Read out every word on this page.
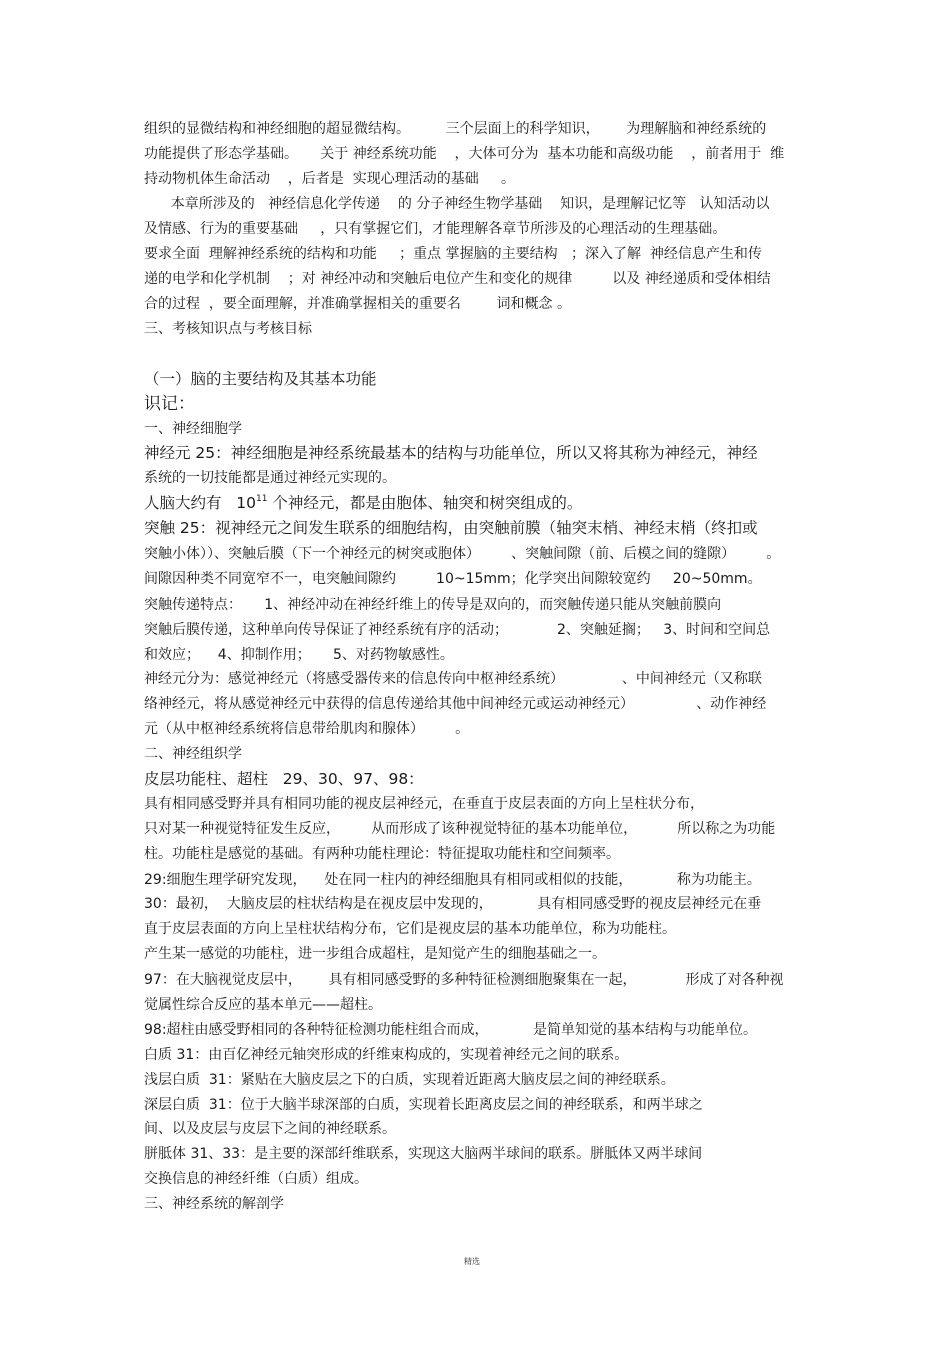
组织的显微结构和神经细胞的超显微结构。        三个层面上的科学知识，      为理解脑和神经系统的
功能提供了形态学基础。     关于 神经系统功能    ，大体可分为  基本功能和高级功能    ，前者用于  维
持动物机体生命活动    ，后者是  实现心理活动的基础     。
本章所涉及的   神经信息化学传递    的 分子神经生物学基础    知识，是理解记忆等   认知活动以
及情感、行为的重要基础     ，只有掌握它们，才能理解各章节所涉及的心理活动的生理基础。
要求全面  理解神经系统的结构和功能     ；重点 掌握脑的主要结构   ；深入了解  神经信息产生和传
递的电学和化学机制    ；对 神经冲动和突触后电位产生和变化的规律         以及 神经递质和受体相结
合的过程  ，要全面理解，并准确掌握相关的重要名        词和概念 。
三、考核知识点与考核目标
（一）脑的主要结构及其基本功能
识记：
一、神经细胞学
神经元 25：神经细胞是神经系统最基本的结构与功能单位，所以又将其称为神经元，神经
系统的一切技能都是通过神经元实现的。
人脑大约有   $10^{11}$ 个神经元，都是由胞体、轴突和树突组成的。
突触 25：视神经元之间发生联系的细胞结构，由突触前膜（轴突末梢、神经末梢（终扣或
突触小体））、突触后膜（下一个神经元的树突或胞体）       、突触间隙（前、后模之间的缝隙）       。
间隙因种类不同宽窄不一，电突触间隙约         10~15mm；化学突出间隙较宽约     20~50mm。
突触传递特点：     1、神经冲动在神经纤维上的传导是双向的，而突触传递只能从突触前膜向
突触后膜传递，这种单向传导保证了神经系统有序的活动；           2、突触延搁；   3、时间和空间总
和效应；    4、抑制作用；     5、对药物敏感性。
神经元分为：感觉神经元（将感受器传来的信息传向中枢神经系统）             、中间神经元（又称联
络神经元，将从感觉神经元中获得的信息传递给其他中间神经元或运动神经元）              、动作神经
元（从中枢神经系统将信息带给肌肉和腺体）       。
二、神经组织学
皮层功能柱、超柱   29、30、97、98：
具有相同感受野并具有相同功能的视皮层神经元，在垂直于皮层表面的方向上呈柱状分布，
只对某一种视觉特征发生反应，       从而形成了该种视觉特征的基本功能单位，         所以称之为功能
柱。功能柱是感觉的基础。有两种功能柱理论：特征提取功能柱和空间频率。
29:细胞生理学研究发现，    处在同一柱内的神经细胞具有相同或相似的技能，          称为功能主。
30：最初，  大脑皮层的柱状结构是在视皮层中发现的，          具有相同感受野的视皮层神经元在垂
直于皮层表面的方向上呈柱状结构分布，它们是视皮层的基本功能单位，称为功能柱。
产生某一感觉的功能柱，进一步组合成超柱，是知觉产生的细胞基础之一。
97：在大脑视觉皮层中，      具有相同感受野的多种特征检测细胞聚集在一起，           形成了对各种视
觉属性综合反应的基本单元——超柱。
98:超柱由感受野相同的各种特征检测功能柱组合而成，          是简单知觉的基本结构与功能单位。
白质 31：由百亿神经元轴突形成的纤维束构成的，实现着神经元之间的联系。
浅层白质  31：紧贴在大脑皮层之下的白质，实现着近距离大脑皮层之间的神经联系。
深层白质  31：位于大脑半球深部的白质，实现着长距离皮层之间的神经联系，和两半球之
间、以及皮层与皮层下之间的神经联系。
胼胝体 31、33：是主要的深部纤维联系，实现这大脑两半球间的联系。胼胝体又两半球间
交换信息的神经纤维（白质）组成。
三、神经系统的解剖学
精选
